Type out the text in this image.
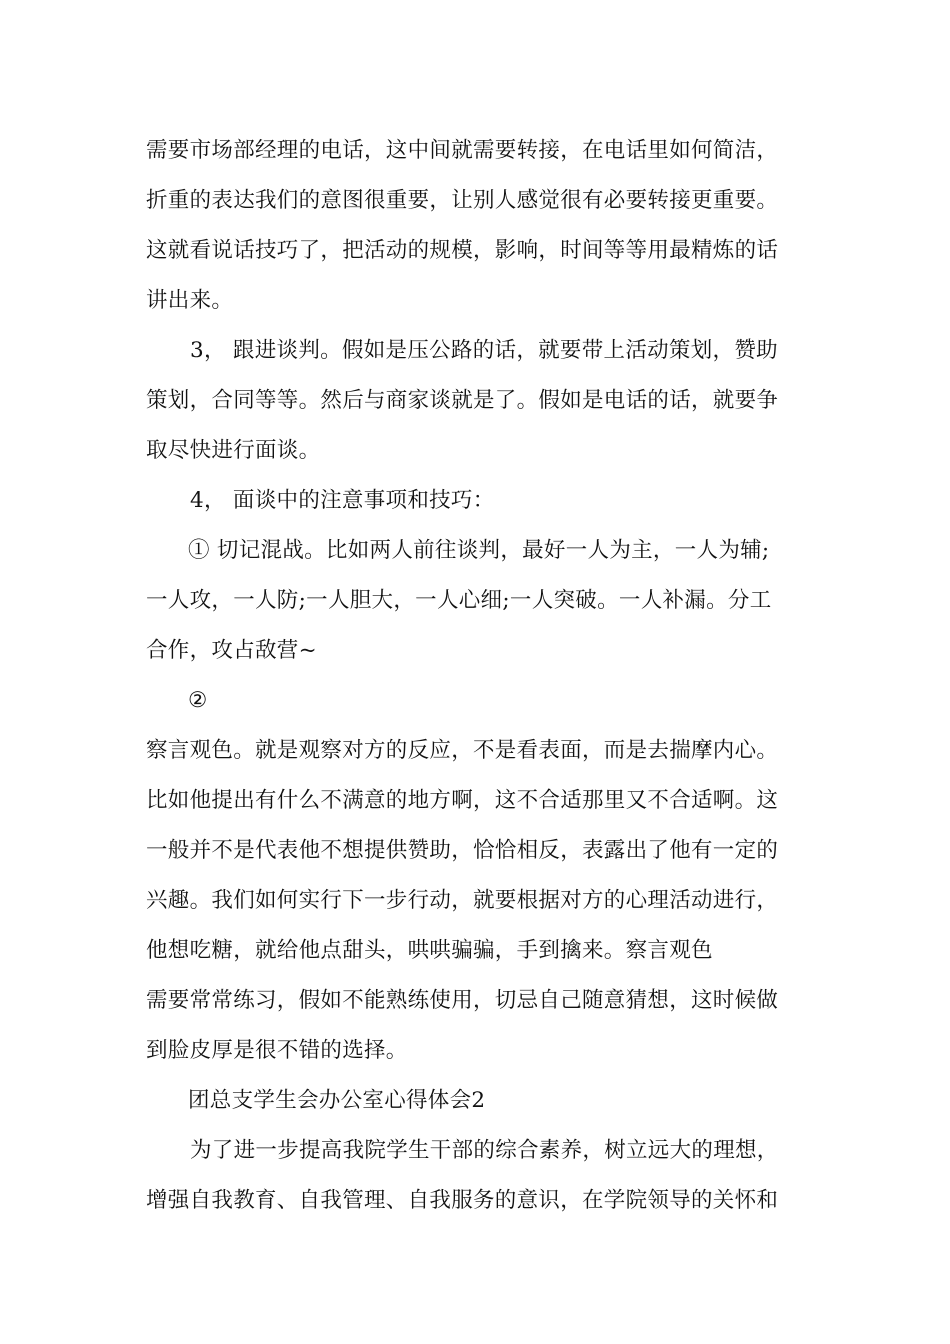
需要市场部经理的电话，这中间就需要转接，在电话里如何简洁，
折重的表达我们的意图很重要，让别人感觉很有必要转接更重要。
这就看说话技巧了，把活动的规模，影响，时间等等用最精炼的话
讲出来。
3， 跟进谈判。假如是压公路的话，就要带上活动策划，赞助
策划，合同等等。然后与商家谈就是了。假如是电话的话，就要争
取尽快进行面谈。
4， 面谈中的注意事项和技巧：
① 切记混战。比如两人前往谈判，最好一人为主，一人为辅;
一人攻，一人防;一人胆大，一人心细;一人突破。一人补漏。分工
合作，攻占敌营~
②
察言观色。就是观察对方的反应，不是看表面，而是去揣摩内心。
比如他提出有什么不满意的地方啊，这不合适那里又不合适啊。这
一般并不是代表他不想提供赞助，恰恰相反，表露出了他有一定的
兴趣。我们如何实行下一步行动，就要根据对方的心理活动进行，
他想吃糖，就给他点甜头，哄哄骗骗，手到擒来。察言观色
需要常常练习，假如不能熟练使用，切忌自己随意猜想，这时候做
到脸皮厚是很不错的选择。
团总支学生会办公室心得体会2
为了进一步提高我院学生干部的综合素养，树立远大的理想，
增强自我教育、自我管理、自我服务的意识，在学院领导的关怀和
